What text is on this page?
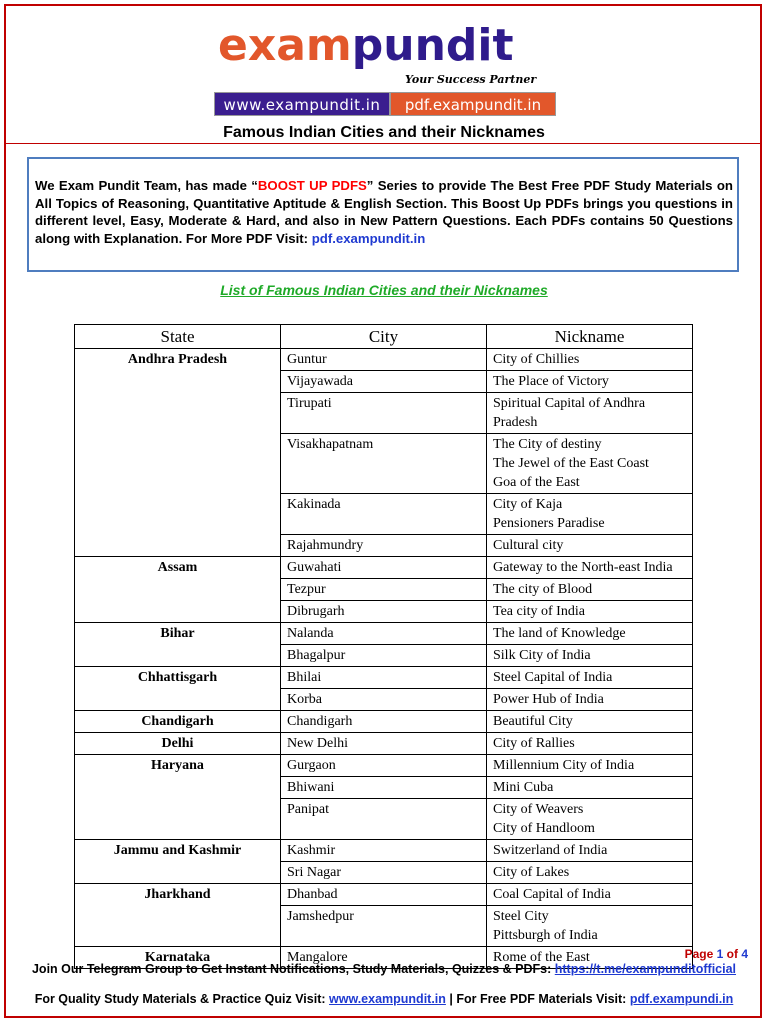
exampundit
Your Success Partner
www.exampundit.in	pdf.exampundit.in
Famous Indian Cities and their Nicknames
We Exam Pundit Team, has made “BOOST UP PDFS” Series to provide The Best Free PDF Study Materials on All Topics of Reasoning, Quantitative Aptitude & English Section. This Boost Up PDFs brings you questions in different level, Easy, Moderate & Hard, and also in New Pattern Questions. Each PDFs contains 50 Questions along with Explanation. For More PDF Visit: pdf.exampundit.in
List of Famous Indian Cities and their Nicknames
State	City	Nickname
Andhra Pradesh	Guntur	City of Chillies

	Vijayawada	The Place of Victory

	Tirupati	Spiritual Capital of Andhra Pradesh

	Visakhapatnam	The City of destiny
The Jewel of the East Coast
Goa of the East

	Kakinada	City of Kaja
Pensioners Paradise

	Rajahmundry	Cultural city

Assam	Guwahati	Gateway to the North-east India

	Tezpur	The city of Blood

	Dibrugarh	Tea city of India

Bihar	Nalanda	The land of Knowledge

	Bhagalpur	Silk City of India

Chhattisgarh	Bhilai	Steel Capital of India

	Korba	Power Hub of India

Chandigarh	Chandigarh	Beautiful City

Delhi	New Delhi	City of Rallies

Haryana	Gurgaon	Millennium City of India

	Bhiwani	Mini Cuba

	Panipat	City of Weavers
City of Handloom

Jammu and Kashmir	Kashmir	Switzerland of India

	Sri Nagar	City of Lakes

Jharkhand	Dhanbad	Coal Capital of India

	Jamshedpur	Steel City
Pittsburgh of India

Karnataka	Mangalore	Rome of the East	Page 1 of 4
Join Our Telegram Group to Get Instant Notifications, Study Materials, Quizzes & PDFs: https://t.me/exampunditofficial
For Quality Study Materials & Practice Quiz Visit: www.exampundit.in | For Free PDF Materials Visit: pdf.exampundi.in
